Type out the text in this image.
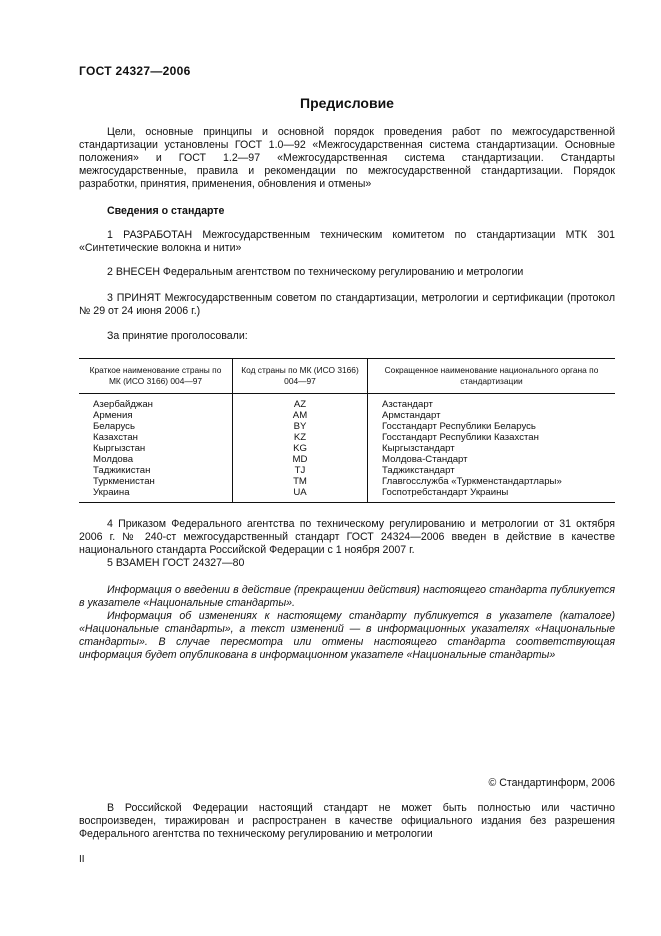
ГОСТ 24327—2006
Предисловие

Цели, основные принципы и основной порядок проведения работ по межгосударственной стандартизации установлены ГОСТ 1.0—92 «Межгосударственная система стандартизации. Основные положения» и ГОСТ 1.2—97 «Межгосударственная система стандартизации. Стандарты межгосударственные, правила и рекомендации по межгосударственной стандартизации. Порядок разработки, принятия, применения, обновления и отмены»

Сведения о стандарте

1 РАЗРАБОТАН Межгосударственным техническим комитетом по стандартизации МТК 301 «Синтетические волокна и нити»

2 ВНЕСЕН Федеральным агентством по техническому регулированию и метрологии

3 ПРИНЯТ Межгосударственным советом по стандартизации, метрологии и сертификации (протокол № 29 от 24 июня 2006 г.)

За принятие проголосовали:

Краткое наименование страны по МК (ИСО 3166) 004—97	Код страны по МК (ИСО 3166) 004—97	Сокращенное наименование национального органа по стандартизации
Азербайджан	AZ	Азстандарт
Армения	AM	Армстандарт
Беларусь	BY	Госстандарт Республики Беларусь
Казахстан	KZ	Госстандарт Республики Казахстан
Кыргызстан	KG	Кыргызстандарт
Молдова	MD	Молдова-Стандарт
Таджикистан	TJ	Таджикстандарт
Туркменистан	TM	Главгосслужба «Туркменстандартлары»
Украина	UA	Госпотребстандарт Украины

4 Приказом Федерального агентства по техническому регулированию и метрологии от 31 октября 2006 г. № 240-ст межгосударственный стандарт ГОСТ 24324—2006 введен в действие в качестве национального стандарта Российской Федерации с 1 ноября 2007 г.

5 ВЗАМЕН ГОСТ 24327—80

Информация о введении в действие (прекращении действия) настоящего стандарта публикуется в указателе «Национальные стандарты».

Информация об изменениях к настоящему стандарту публикуется в указателе (каталоге) «Национальные стандарты», а текст изменений — в информационных указателях «Национальные стандарты». В случае пересмотра или отмены настоящего стандарта соответствующая информация будет опубликована в информационном указателе «Национальные стандарты»

© Стандартинформ, 2006

В Российской Федерации настоящий стандарт не может быть полностью или частично воспроизведен, тиражирован и распространен в качестве официального издания без разрешения Федерального агентства по техническому регулированию и метрологии

II
